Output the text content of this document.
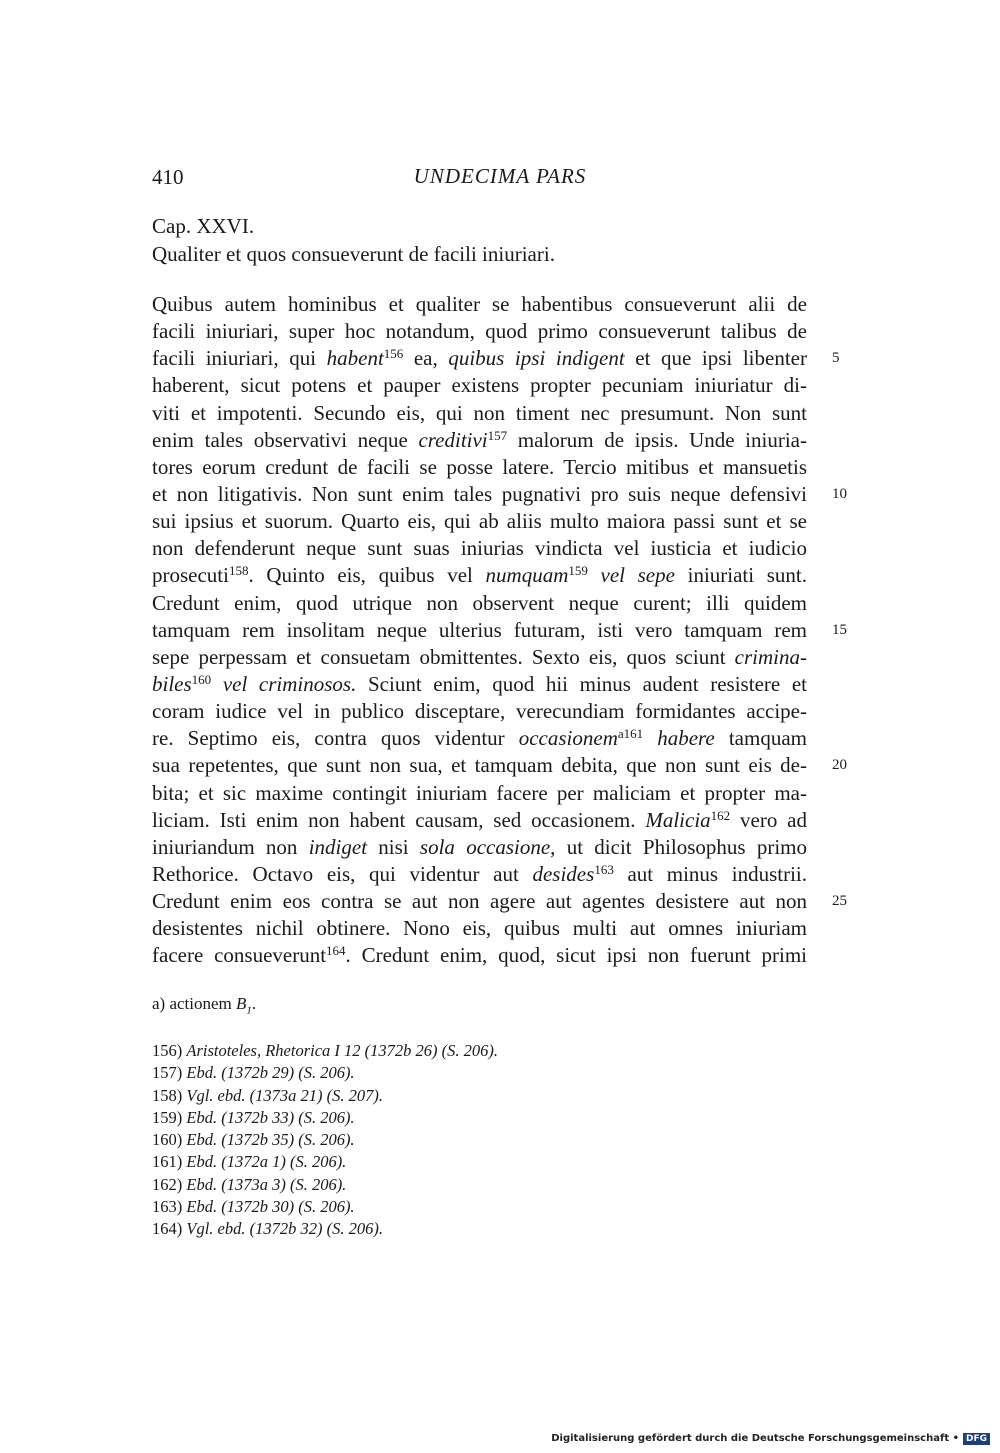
410	UNDECIMA PARS
Cap. XXVI.
Qualiter et quos consueverunt de facili iniuriari.
Quibus autem hominibus et qualiter se habentibus consueverunt alii de
facili iniuriari, super hoc notandum, quod primo consueverunt talibus de
facili iniuriari, qui habent$^{156}$ ea, quibus ipsi indigent et que ipsi libenter 5
haberent, sicut potens et pauper existens propter pecuniam iniuriatur di-
viti et impotenti. Secundo eis, qui non timent nec presumunt. Non sunt
enim tales observativi neque creditivi$^{157}$ malorum de ipsis. Unde iniuria-
tores eorum credunt de facili se posse latere. Tercio mitibus et mansuetis
et non litigativis. Non sunt enim tales pugnativi pro suis neque defensivi 10
sui ipsius et suorum. Quarto eis, qui ab aliis multo maiora passi sunt et se
non defenderunt neque sunt suas iniurias vindicta vel iusticia et iudicio
prosecuti$^{158}$. Quinto eis, quibus vel numquam$^{159}$ vel sepe iniuriati sunt.
Credunt enim, quod utrique non observent neque curent; illi quidem
tamquam rem insolitam neque ulterius futuram, isti vero tamquam rem 15
sepe perpessam et consuetam obmittentes. Sexto eis, quos sciunt crimina-
biles$^{160}$ vel criminosos. Sciunt enim, quod hii minus audent resistere et
coram iudice vel in publico disceptare, verecundiam formidantes accipe-
re. Septimo eis, contra quos videntur occasionem$^{a161}$ habere tamquam
sua repetentes, que sunt non sua, et tamquam debita, que non sunt eis de- 20
bita; et sic maxime contingit iniuriam facere per maliciam et propter ma-
liciam. Isti enim non habent causam, sed occasionem. Malicia$^{162}$ vero ad
iniuriandum non indiget nisi sola occasione, ut dicit Philosophus primo
Rethorice. Octavo eis, qui videntur aut desides$^{163}$ aut minus industrii.
Credunt enim eos contra se aut non agere aut agentes desistere aut non 25
desistentes nichil obtinere. Nono eis, quibus multi aut omnes iniuriam
facere consueverunt$^{164}$. Credunt enim, quod, sicut ipsi non fuerunt primi
a) actionem $B_1$.
156) Aristoteles, Rhetorica I 12 (1372b 26) (S. 206).
157) Ebd. (1372b 29) (S. 206).
158) Vgl. ebd. (1373a 21) (S. 207).
159) Ebd. (1372b 33) (S. 206).
160) Ebd. (1372b 35) (S. 206).
161) Ebd. (1372a 1) (S. 206).
162) Ebd. (1373a 3) (S. 206).
163) Ebd. (1372b 30) (S. 206).
164) Vgl. ebd. (1372b 32) (S. 206).
Digitalisierung gefördert durch die Deutsche Forschungsgemeinschaft • DFG
